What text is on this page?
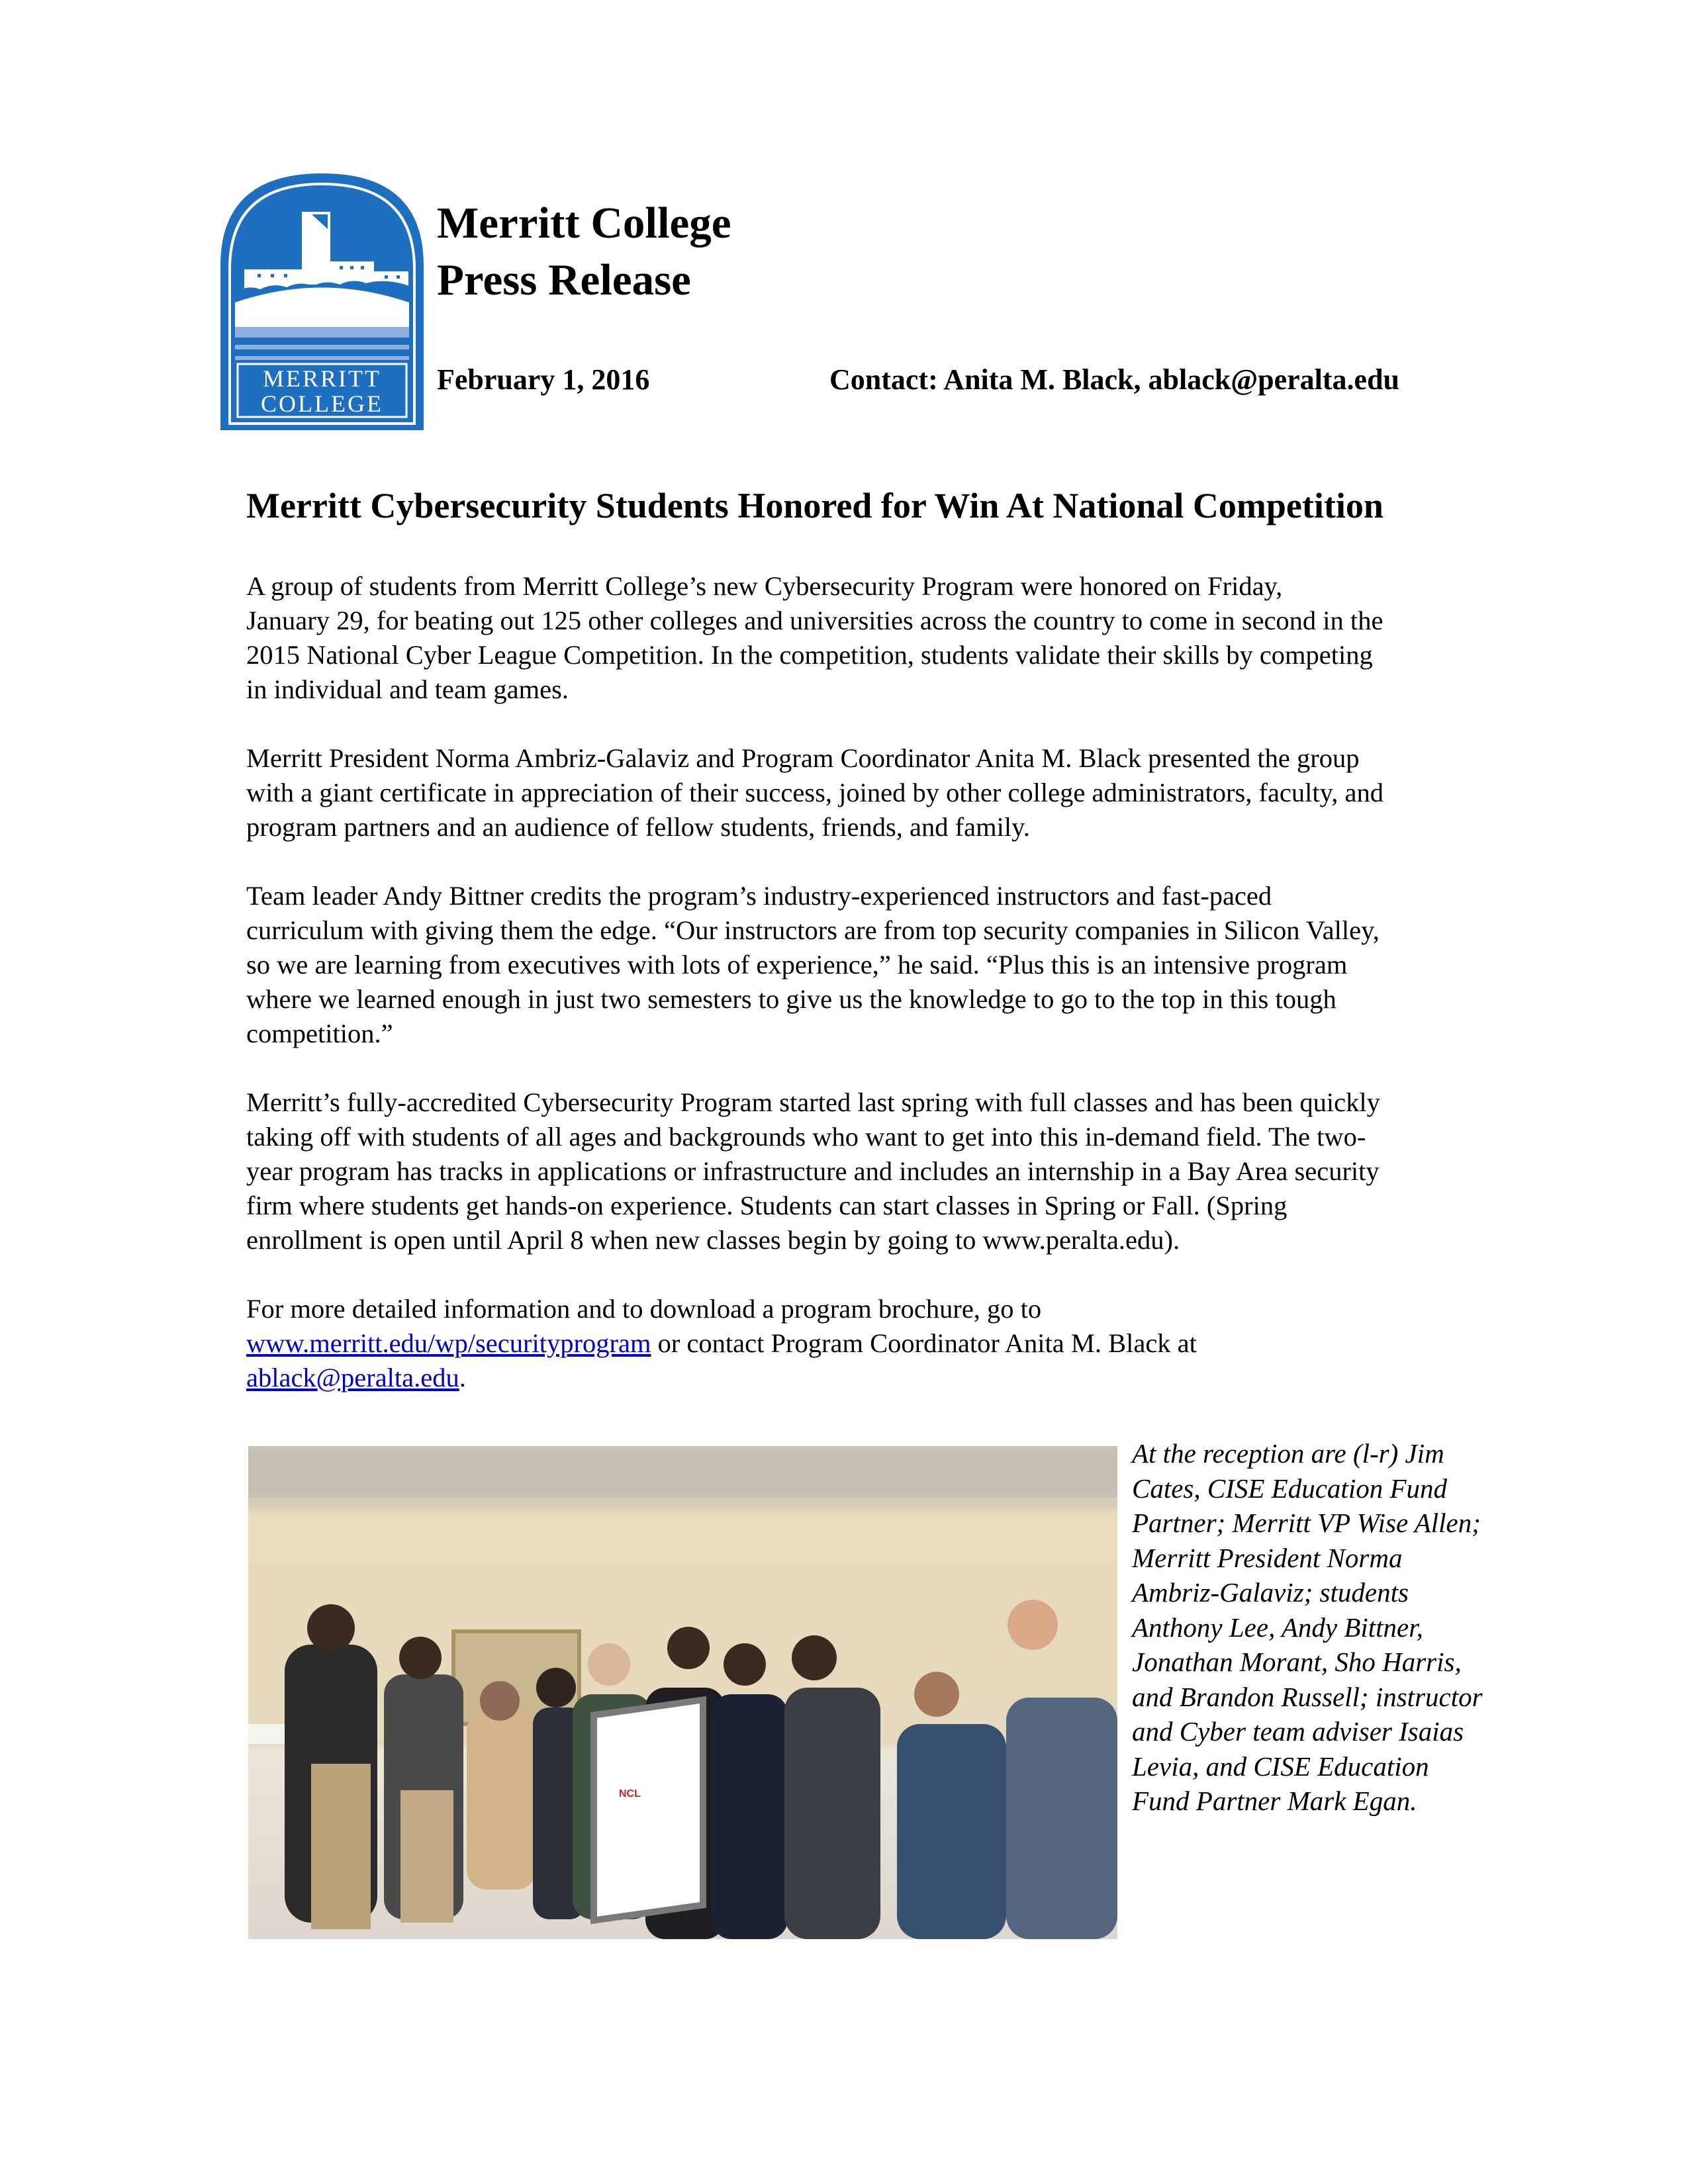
MERRITT
COLLEGE
Merritt College
Press Release
February 1, 2016	Contact: Anita M. Black, ablack@peralta.edu
Merritt Cybersecurity Students Honored for Win At National Competition

A group of students from Merritt College’s new Cybersecurity Program were honored on Friday,

January 29, for beating out 125 other colleges and universities across the country to come in second in the

2015 National Cyber League Competition. In the competition, students validate their skills by competing

in individual and team games.

Merritt President Norma Ambriz-Galaviz and Program Coordinator Anita M. Black presented the group

with a giant certificate in appreciation of their success, joined by other college administrators, faculty, and

program partners and an audience of fellow students, friends, and family.

Team leader Andy Bittner credits the program’s industry-experienced instructors and fast-paced

curriculum with giving them the edge. “Our instructors are from top security companies in Silicon Valley,

so we are learning from executives with lots of experience,” he said. “Plus this is an intensive program

where we learned enough in just two semesters to give us the knowledge to go to the top in this tough

competition.”

Merritt’s fully-accredited Cybersecurity Program started last spring with full classes and has been quickly

taking off with students of all ages and backgrounds who want to get into this in-demand field. The two-

year program has tracks in applications or infrastructure and includes an internship in a Bay Area security

firm where students get hands-on experience. Students can start classes in Spring or Fall. (Spring

enrollment is open until April 8 when new classes begin by going to www.peralta.edu).

For more detailed information and to download a program brochure, go to

www.merritt.edu/wp/securityprogram or contact Program Coordinator Anita M. Black at

ablack@peralta.edu.

NCL

At the reception are (l-r) Jim

Cates, CISE Education Fund

Partner; Merritt VP Wise Allen;

Merritt President Norma

Ambriz-Galaviz; students

Anthony Lee, Andy Bittner,

Jonathan Morant, Sho Harris,

and Brandon Russell; instructor

and Cyber team adviser Isaias

Levia, and CISE Education

Fund Partner Mark Egan.
